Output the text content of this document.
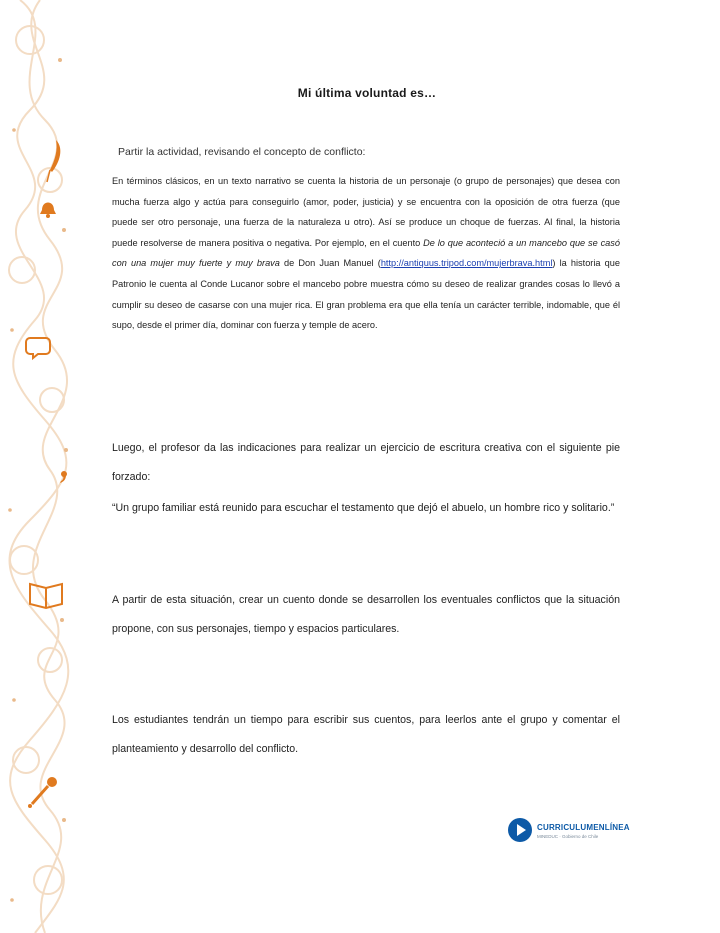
Mi última voluntad es…
Partir la actividad, revisando el concepto de conflicto:
En términos clásicos, en un texto narrativo se cuenta la historia de un personaje (o grupo de personajes) que desea con mucha fuerza algo y actúa para conseguirlo (amor, poder, justicia) y se encuentra con la oposición de otra fuerza (que puede ser otro personaje, una fuerza de la naturaleza u otro). Así se produce un choque de fuerzas. Al final, la historia puede resolverse de manera positiva o negativa. Por ejemplo, en el cuento De lo que aconteció a un mancebo que se casó con una mujer muy fuerte y muy brava de Don Juan Manuel (http://antiquus.tripod.com/mujerbrava.html) la historia que Patronio le cuenta al Conde Lucanor sobre el mancebo pobre muestra cómo su deseo de realizar grandes cosas lo llevó a cumplir su deseo de casarse con una mujer rica. El gran problema era que ella tenía un carácter terrible, indomable, que él supo, desde el primer día, dominar con fuerza y temple de acero.
Luego, el profesor da las indicaciones para realizar un ejercicio de escritura creativa con el siguiente pie forzado:
“Un grupo familiar está reunido para escuchar el testamento que dejó el abuelo, un hombre rico y solitario.”
A partir de esta situación, crear un cuento donde se desarrollen los eventuales conflictos que la situación propone, con sus personajes, tiempo y espacios particulares.
Los estudiantes tendrán un tiempo para escribir sus cuentos, para leerlos ante el grupo y comentar el planteamiento y desarrollo del conflicto.
CURRICULUMENLÍNEA
MINEDUC · Gobierno de Chile
